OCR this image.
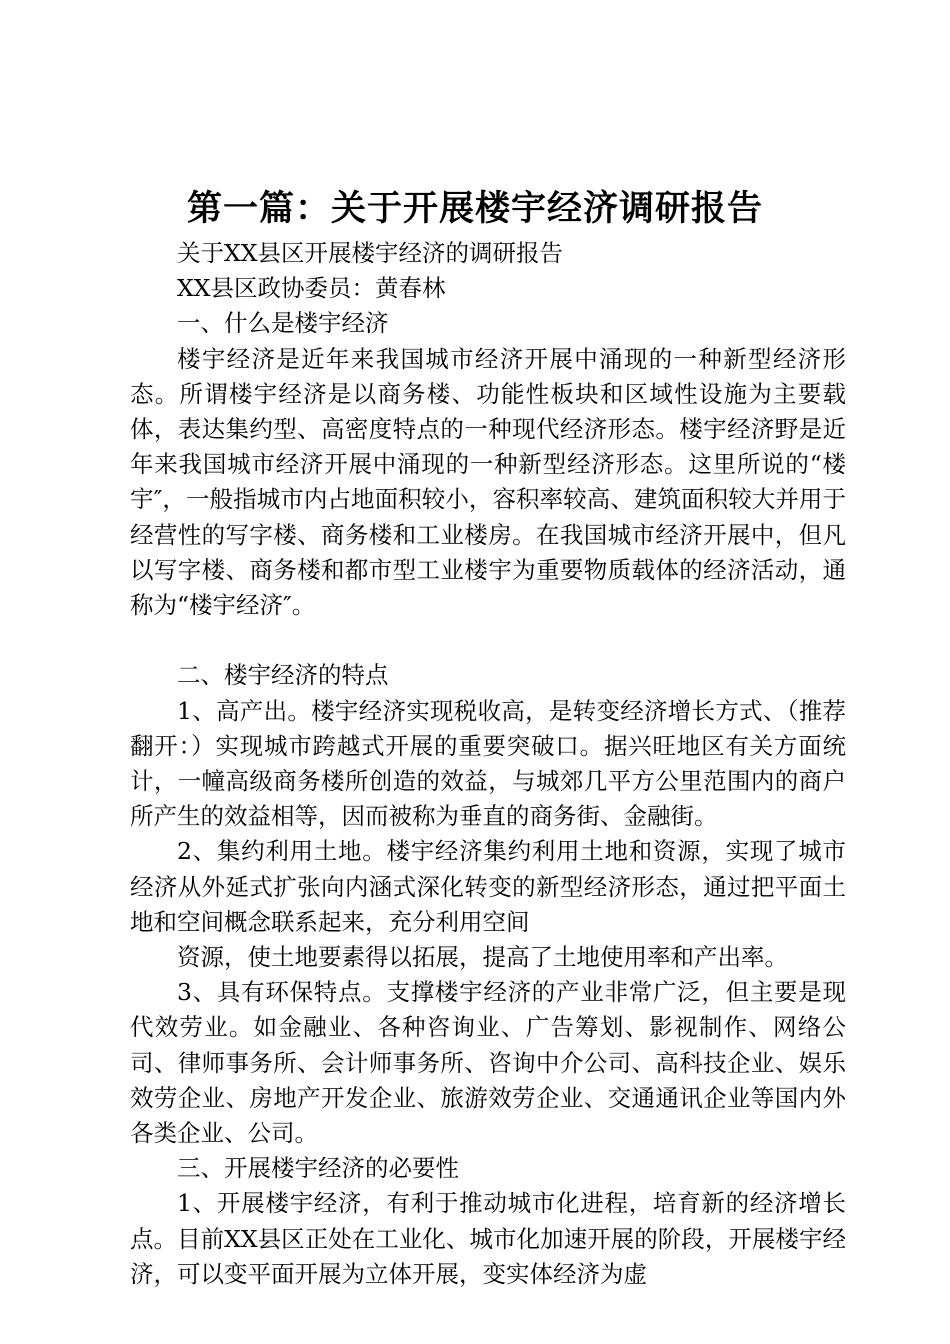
第一篇：关于开展楼宇经济调研报告

关于XX县区开展楼宇经济的调研报告

XX县区政协委员：黄春林

一、什么是楼宇经济

楼宇经济是近年来我国城市经济开展中涌现的一种新型经济形态。所谓楼宇经济是以商务楼、功能性板块和区域性设施为主要载体，表达集约型、高密度特点的一种现代经济形态。楼宇经济野是近年来我国城市经济开展中涌现的一种新型经济形态。这里所说的“楼宇″，一般指城市内占地面积较小，容积率较高、建筑面积较大并用于经营性的写字楼、商务楼和工业楼房。在我国城市经济开展中，但凡以写字楼、商务楼和都市型工业楼宇为重要物质载体的经济活动，通称为“楼宇经济″。

二、楼宇经济的特点

1、高产出。楼宇经济实现税收高，是转变经济增长方式、（推荐翻开：）实现城市跨越式开展的重要突破口。据兴旺地区有关方面统计，一幢高级商务楼所创造的效益，与城郊几平方公里范围内的商户所产生的效益相等，因而被称为垂直的商务街、金融街。

2、集约利用土地。楼宇经济集约利用土地和资源，实现了城市经济从外延式扩张向内涵式深化转变的新型经济形态，通过把平面土地和空间概念联系起来，充分利用空间

资源，使土地要素得以拓展，提高了土地使用率和产出率。

3、具有环保特点。支撑楼宇经济的产业非常广泛，但主要是现代效劳业。如金融业、各种咨询业、广告筹划、影视制作、网络公司、律师事务所、会计师事务所、咨询中介公司、高科技企业、娱乐效劳企业、房地产开发企业、旅游效劳企业、交通通讯企业等国内外各类企业、公司。

三、开展楼宇经济的必要性

1、开展楼宇经济，有利于推动城市化进程，培育新的经济增长点。目前XX县区正处在工业化、城市化加速开展的阶段，开展楼宇经济，可以变平面开展为立体开展，变实体经济为虚
